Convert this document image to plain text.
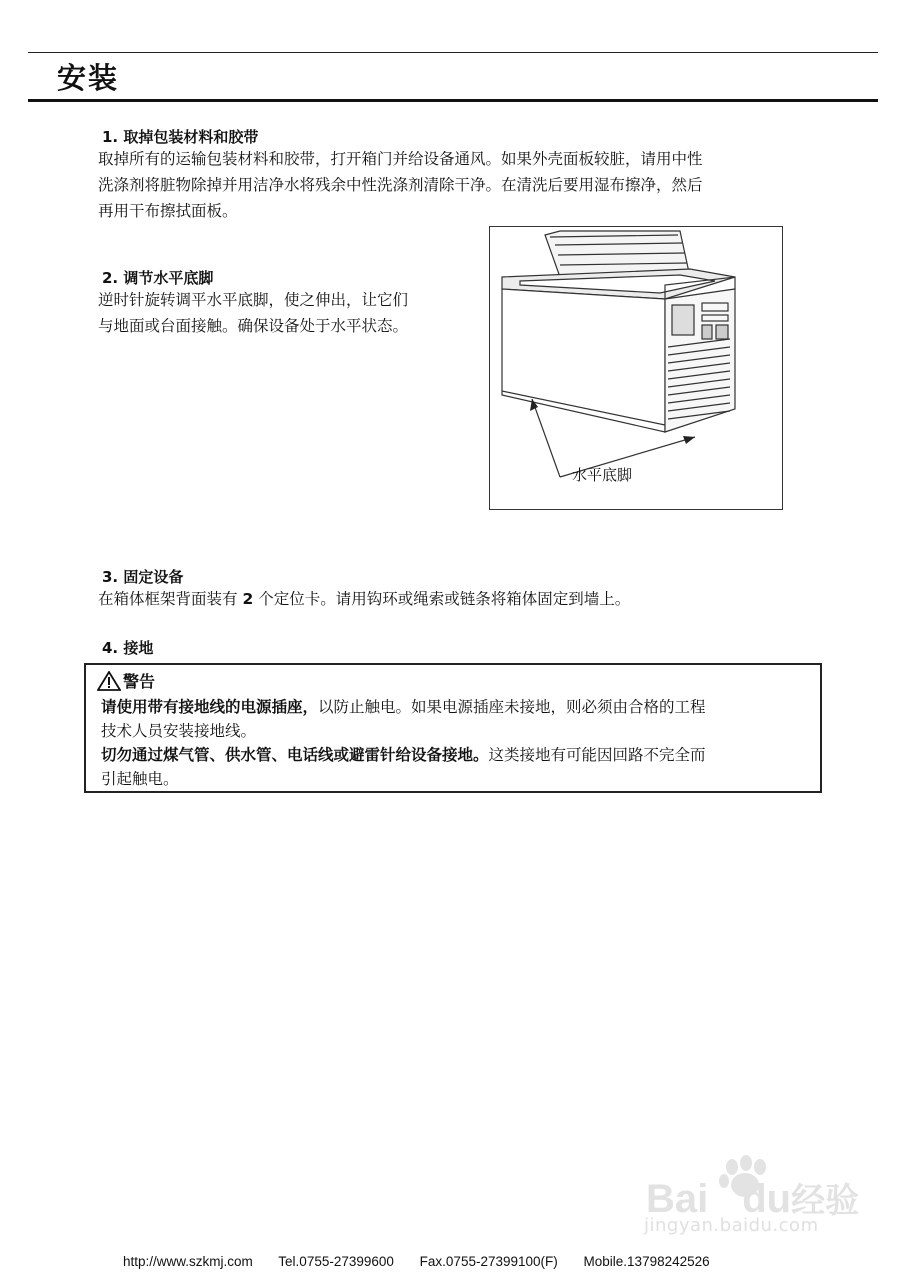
安装
1. 取掉包装材料和胶带
取掉所有的运输包装材料和胶带，打开箱门并给设备通风。如果外壳面板较脏，请用中性
洗涤剂将脏物除掉并用洁净水将残余中性洗涤剂清除干净。在清洗后要用湿布擦净，然后
再用干布擦拭面板。
2. 调节水平底脚
逆时针旋转调平水平底脚，使之伸出，让它们
与地面或台面接触。确保设备处于水平状态。
水平底脚
3. 固定设备
在箱体框架背面装有 2 个定位卡。请用钩环或绳索或链条将箱体固定到墙上。
4. 接地
警告
请使用带有接地线的电源插座，以防止触电。如果电源插座未接地，则必须由合格的工程
技术人员安装接地线。
切勿通过煤气管、供水管、电话线或避雷针给设备接地。这类接地有可能因回路不完全而
引起触电。
Bai du经验
jingyan.baidu.com
http://www.szkmj.com Tel.0755-27399600 Fax.0755-27399100(F) Mobile.13798242526
